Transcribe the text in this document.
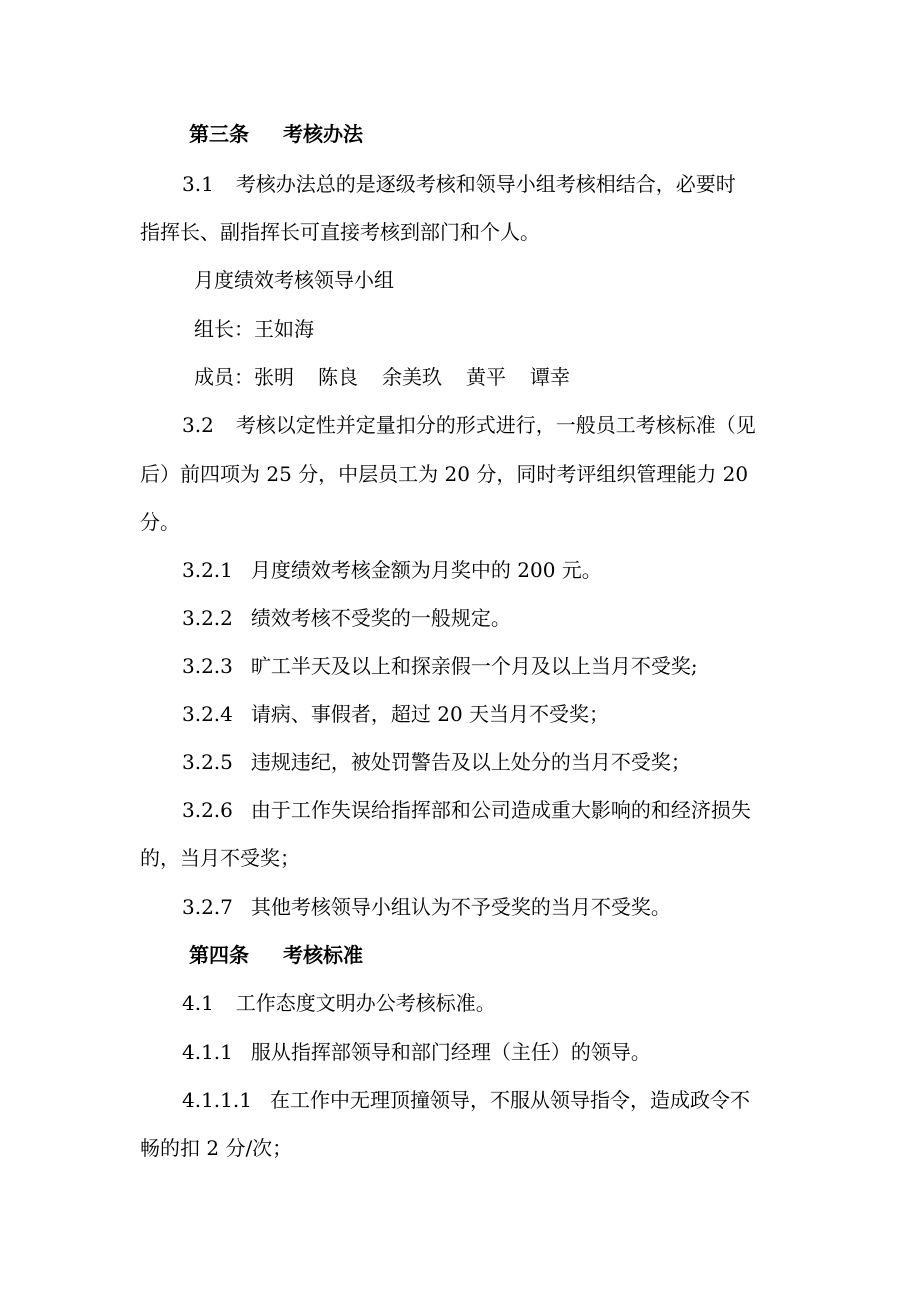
第三条 考核办法
3.1 考核办法总的是逐级考核和领导小组考核相结合，必要时
指挥长、副指挥长可直接考核到部门和个人。
月度绩效考核领导小组
组长：王如海
成员：张明 陈良 余美玖 黄平 谭幸
3.2 考核以定性并定量扣分的形式进行，一般员工考核标准（见
后）前四项为 25 分，中层员工为 20 分，同时考评组织管理能力 20
分。
3.2.1 月度绩效考核金额为月奖中的 200 元。
3.2.2 绩效考核不受奖的一般规定。
3.2.3 旷工半天及以上和探亲假一个月及以上当月不受奖;
3.2.4 请病、事假者，超过 20 天当月不受奖；
3.2.5 违规违纪，被处罚警告及以上处分的当月不受奖；
3.2.6 由于工作失误给指挥部和公司造成重大影响的和经济损失
的，当月不受奖；
3.2.7 其他考核领导小组认为不予受奖的当月不受奖。
第四条 考核标准
4.1 工作态度文明办公考核标准。
4.1.1 服从指挥部领导和部门经理（主任）的领导。
4.1.1.1 在工作中无理顶撞领导，不服从领导指令，造成政令不
畅的扣 2 分/次；
